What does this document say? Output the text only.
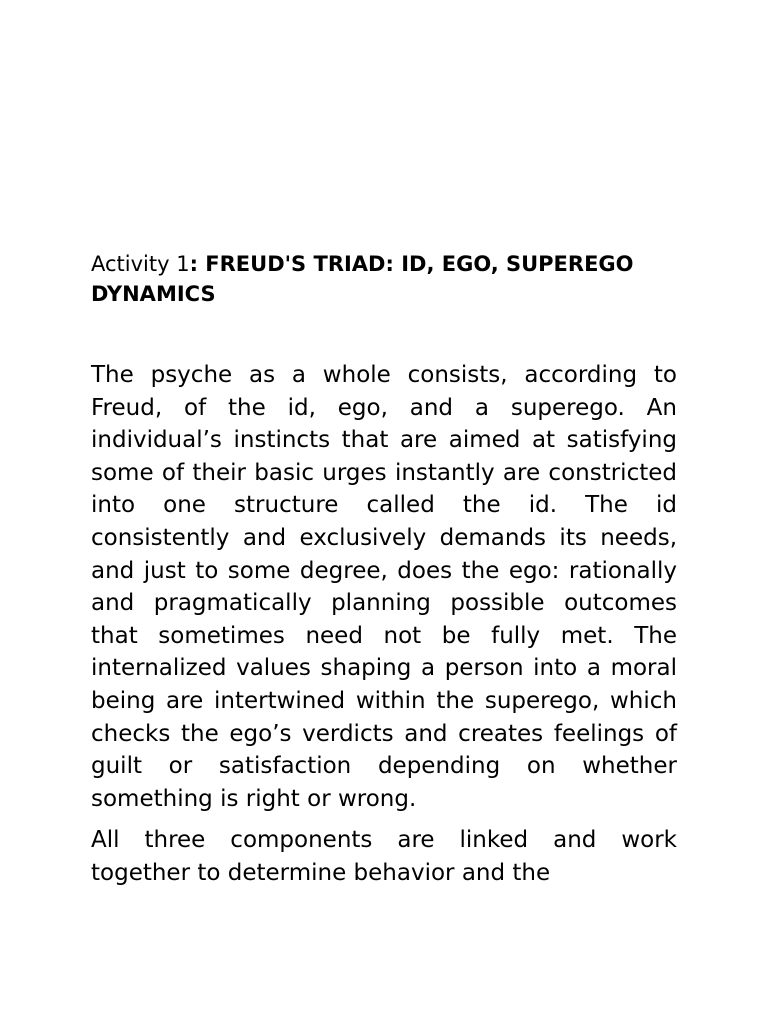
Activity 1: FREUD'S TRIAD: ID, EGO, SUPEREGO DYNAMICS

The psyche as a whole consists, according to Freud, of the id, ego, and a superego. An individual’s instincts that are aimed at satisfying some of their basic urges instantly are constricted into one structure called the id. The id consistently and exclusively demands its needs, and just to some degree, does the ego: rationally and pragmatically planning possible outcomes that sometimes need not be fully met. The internalized values shaping a person into a moral being are intertwined within the superego, which checks the ego’s verdicts and creates feelings of guilt or satisfaction depending on whether something is right or wrong.

All three components are linked and work together to determine behavior and the
